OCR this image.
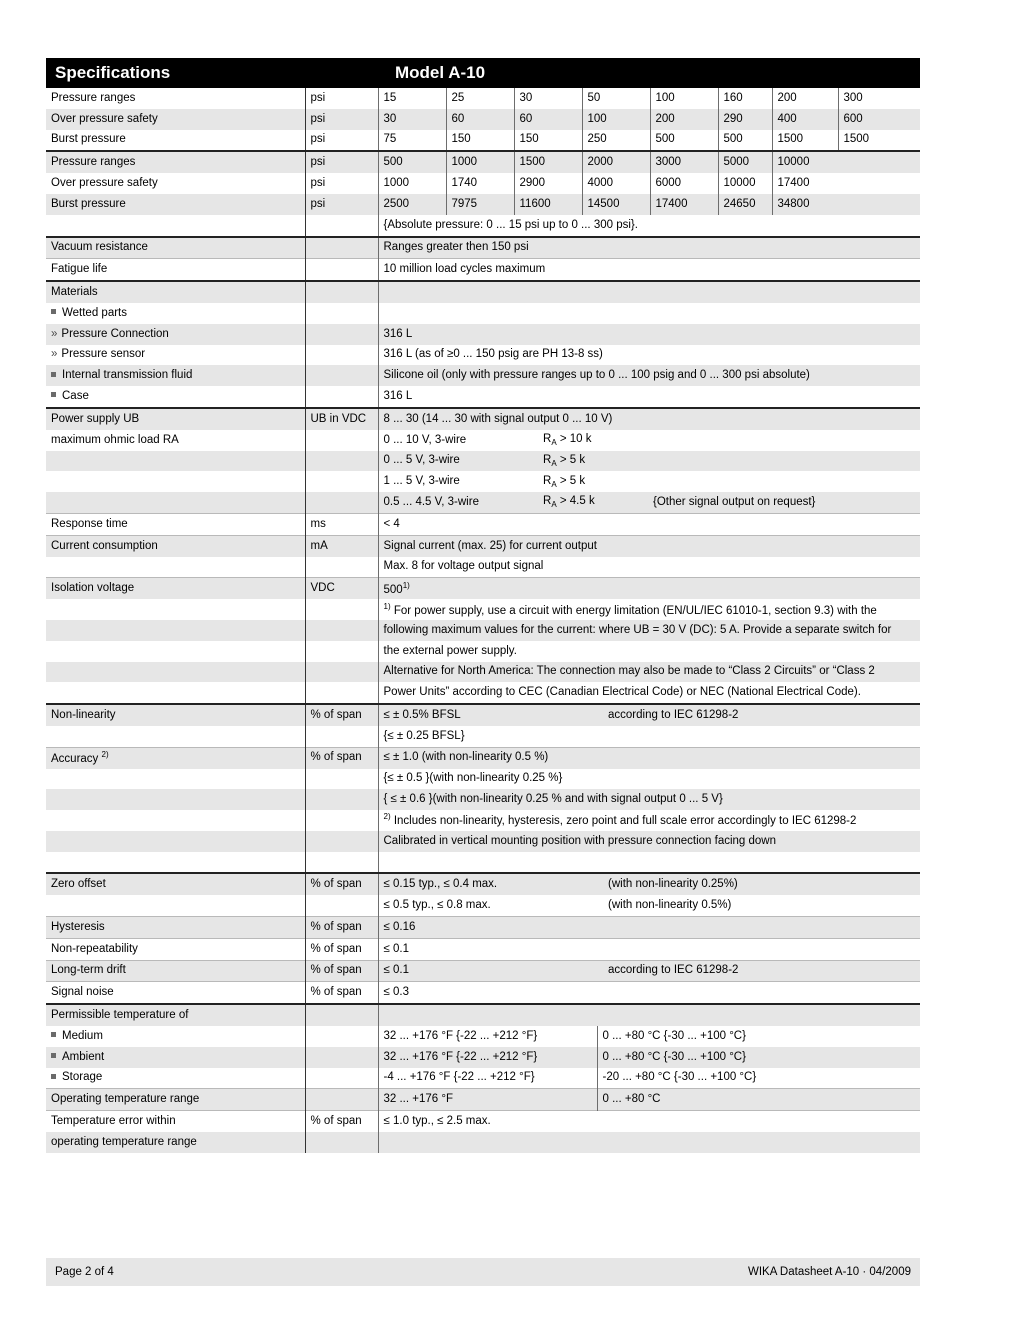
Specifications	Model A-10
Pressure ranges	psi	15	25	30	50	100	160	200	300
Over pressure safety	psi	30	60	60	100	200	290	400	600
Burst pressure	psi	75	150	150	250	500	500	1500	1500
Pressure ranges	psi	500	1000	1500	2000	3000	5000	10000	
Over pressure safety	psi	1000	1740	2900	4000	6000	10000	17400	
Burst pressure	psi	2500	7975	11600	14500	17400	24650	34800	
		{Absolute pressure: 0 ... 15 psi up to 0 ... 300 psi}.							
Vacuum resistance		Ranges greater then 150 psi
Fatigue life		10 million load cycles maximum
Materials		
Wetted parts		
» Pressure Connection		316 L
» Pressure sensor		316 L (as of ≥0 ... 150 psig are PH 13-8 ss)
Internal transmission fluid		Silicone oil (only with pressure ranges up to 0 ... 100 psig and 0 ... 300 psi absolute)
Case		316 L
Power supply UB	UB in VDC	8 ... 30 (14 ... 30 with signal output 0 ... 10 V)		
maximum ohmic load RA		0 ... 10 V, 3-wire	$R_A > 10$ k	
		0 ... 5 V, 3-wire	$R_A > 5$ k	
		1 ... 5 V, 3-wire	$R_A > 5$ k	
		0.5 ... 4.5 V, 3-wire	$R_A > 4.5$ k	{Other signal output on request}
Response time	ms	< 4		
Current consumption	mA	Signal current (max. 25) for current output		
		Max. 8 for voltage output signal		
Isolation voltage	VDC	500$^{1)}$
		$^{1)}$ For power supply, use a circuit with energy limitation (EN/UL/IEC 61010-1, section 9.3) with the
		following maximum values for the current: where UB = 30 V (DC): 5 A. Provide a separate switch for
		the external power supply.
		Alternative for North America: The connection may also be made to “Class 2 Circuits” or “Class 2
		Power Units” according to CEC (Canadian Electrical Code) or NEC (National Electrical Code).
Non-linearity	% of span	≤ ± 0.5% BFSL	according to IEC 61298-2
		{≤ ± 0.25 BFSL}	
Accuracy $^{2)}$	% of span	≤ ± 1.0 (with non-linearity 0.5 %)	
		{≤ ± 0.5 }(with non-linearity 0.25 %}	
		{ ≤ ± 0.6 }(with non-linearity 0.25 % and with signal output 0 ... 5 V}	
		$^{2)}$ Includes non-linearity, hysteresis, zero point and full scale error accordingly to IEC 61298-2	
		Calibrated in vertical mounting position with pressure connection facing down	

Zero offset	% of span	≤ 0.15 typ., ≤ 0.4 max.	(with non-linearity 0.25%)
		≤ 0.5 typ., ≤ 0.8 max.	(with non-linearity 0.5%)
Hysteresis	% of span	≤ 0.16	
Non-repeatability	% of span	≤ 0.1	
Long-term drift	% of span	≤ 0.1	according to IEC 61298-2
Signal noise	% of span	≤ 0.3	
Permissible temperature of			
Medium		32 ... +176 °F {-22 ... +212 °F}	0 ... +80 °C {-30 ... +100 °C}
Ambient		32 ... +176 °F {-22 ... +212 °F}	0 ... +80 °C {-30 ... +100 °C}
Storage		-4 ... +176 °F {-22 ... +212 °F}	-20 ... +80 °C {-30 ... +100 °C}
Operating temperature range		32 ... +176 °F	0 ... +80 °C
Temperature error within	% of span	≤ 1.0 typ., ≤ 2.5 max.	
operating temperature range			
Page 2 of 4	WIKA Datasheet A-10 · 04/2009
